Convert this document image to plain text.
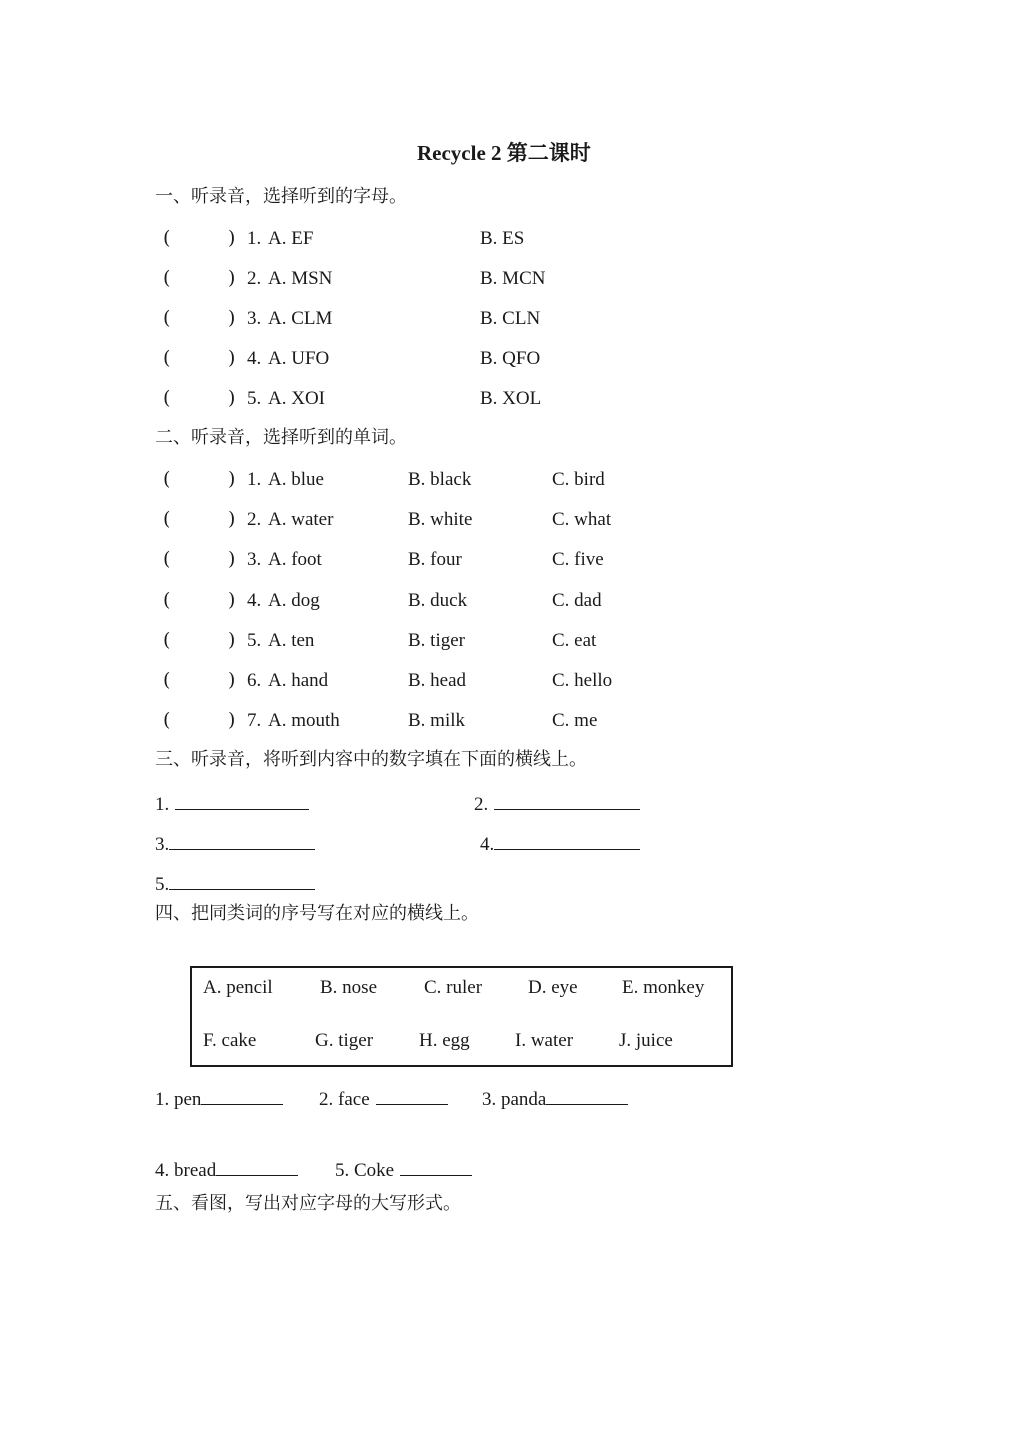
Recycle 2 第二课时
一、听录音，选择听到的字母。
(	) 1. A. EF	B. ES
(	) 2. A. MSN	B. MCN
(	) 3. A. CLM	B. CLN
(	) 4. A. UFO	B. QFO
(	) 5. A. XOI	B. XOL
二、听录音，选择听到的单词。
(	) 1. A. blue	B. black	C. bird
(	) 2. A. water	B. white	C. what
(	) 3. A. foot	B. four	C. five
(	) 4. A. dog	B. duck	C. dad
(	) 5. A. ten	B. tiger	C. eat
(	) 6. A. hand	B. head	C. hello
(	) 7. A. mouth	B. milk	C. me
三、听录音，将听到内容中的数字填在下面的横线上。
1.	2.
3.	4.
5.
四、把同类词的序号写在对应的横线上。
A. pencil B. nose C. ruler D. eye E. monkey
F. cake	G. tiger H. egg I. water J. juice
1. pen	2. face	3. panda
4. bread	5. Coke
五、看图，写出对应字母的大写形式。
